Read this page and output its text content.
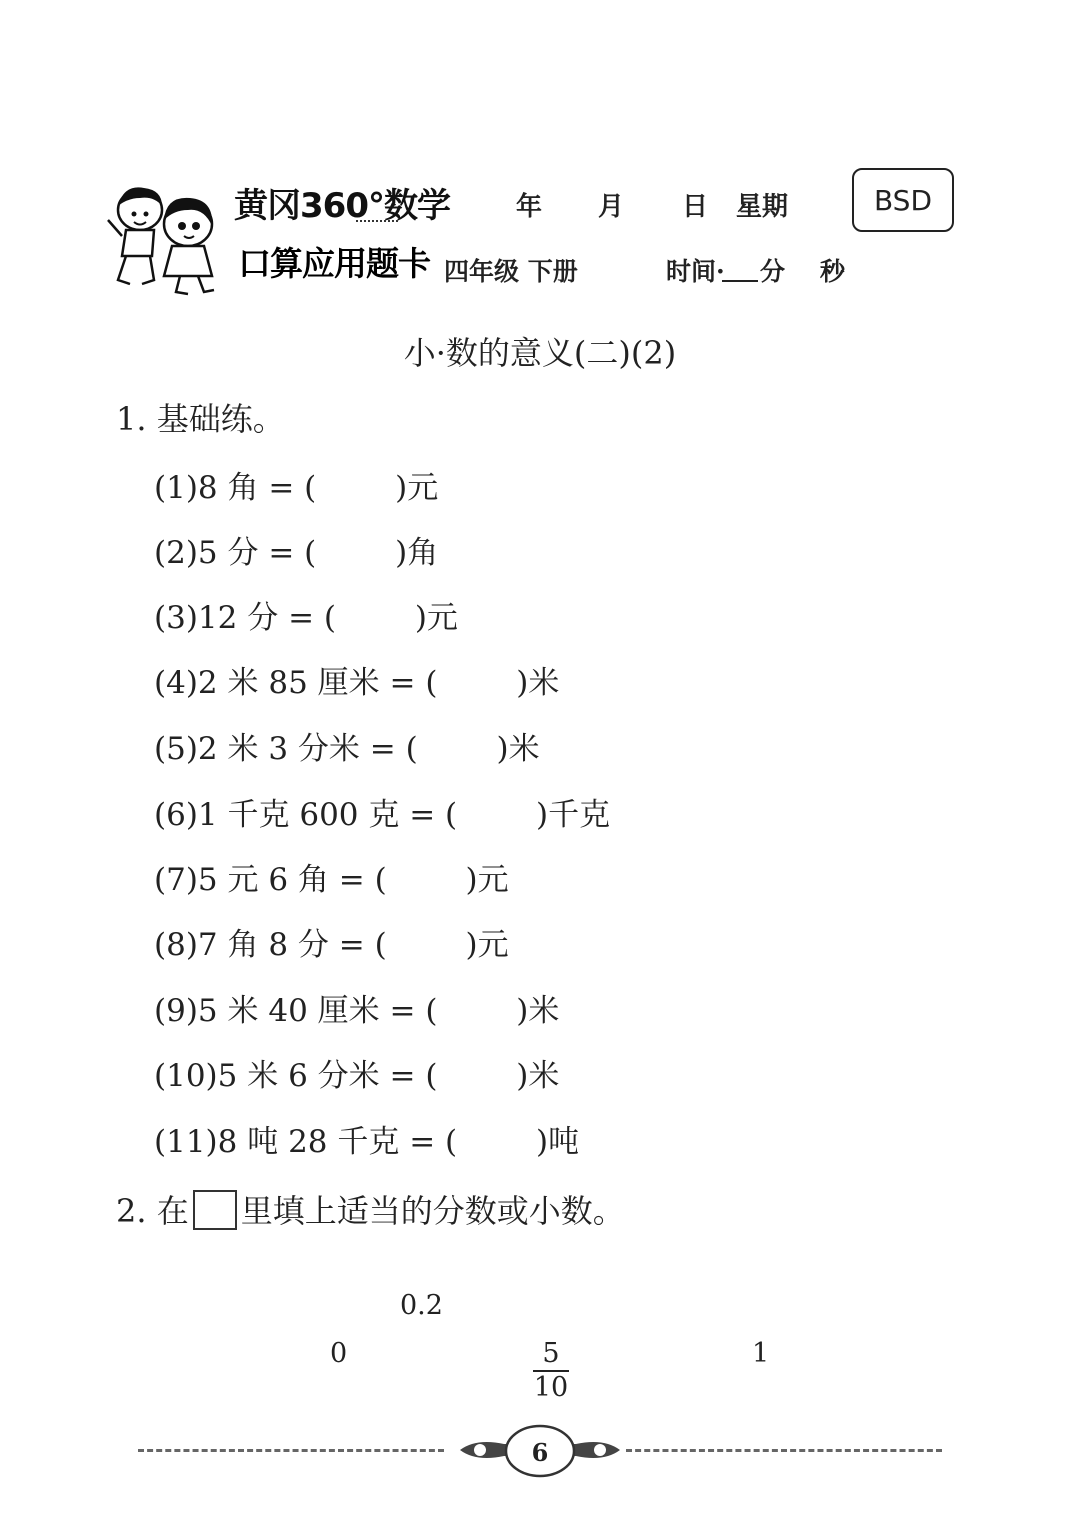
黄冈360°数学
口算应用题卡
年 月 日 星期	BSD
四年级 下册	时间· 分 秒
小·数的意义(二)(2)
1. 基础练。
(1)8 角 = (        )元
(2)5 分 = (        )角
(3)12 分 = (        )元
(4)2 米 85 厘米 = (        )米
(5)2 米 3 分米 = (        )米
(6)1 千克 600 克 = (        )千克
(7)5 元 6 角 = (        )元
(8)7 角 8 分 = (        )元
(9)5 米 40 厘米 = (        )米
(10)5 米 6 分米 = (        )米
(11)8 吨 28 千克 = (        )吨
2. 在 里填上适当的分数或小数。
0.2
0	5
10
1
6
